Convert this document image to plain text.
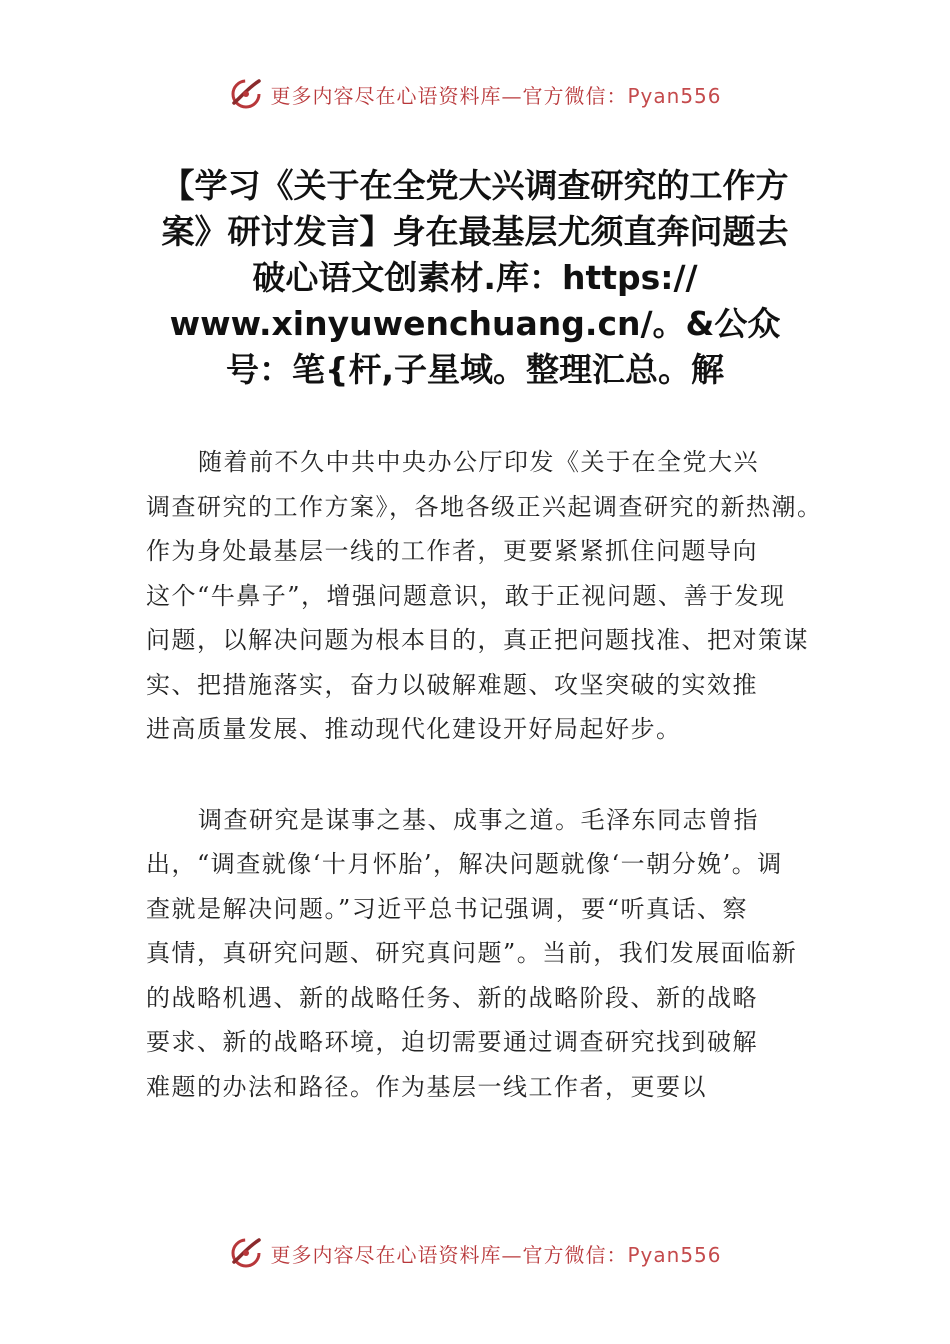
更多内容尽在心语资料库—官方微信：Pyan556
【学习《关于在全党大兴调查研究的工作方
案》研讨发言】身在最基层尤须直奔问题去
破心语文创素材.库：https://
www.xinyuwenchuang.cn/。&公众
号：笔{杆,子星域。整理汇总。解

随着前不久中共中央办公厅印发《关于在全党大兴
调查研究的工作方案》，各地各级正兴起调查研究的新热潮。
作为身处最基层一线的工作者，更要紧紧抓住问题导向
这个“牛鼻子”，增强问题意识，敢于正视问题、善于发现
问题，以解决问题为根本目的，真正把问题找准、把对策谋
实、把措施落实，奋力以破解难题、攻坚突破的实效推
进高质量发展、推动现代化建设开好局起好步。

调查研究是谋事之基、成事之道。毛泽东同志曾指
出，“调查就像‘十月怀胎’，解决问题就像‘一朝分娩’。调
查就是解决问题。”习近平总书记强调，要“听真话、察
真情，真研究问题、研究真问题”。当前，我们发展面临新
的战略机遇、新的战略任务、新的战略阶段、新的战略
要求、新的战略环境，迫切需要通过调查研究找到破解
难题的办法和路径。作为基层一线工作者，更要以

更多内容尽在心语资料库—官方微信：Pyan556
